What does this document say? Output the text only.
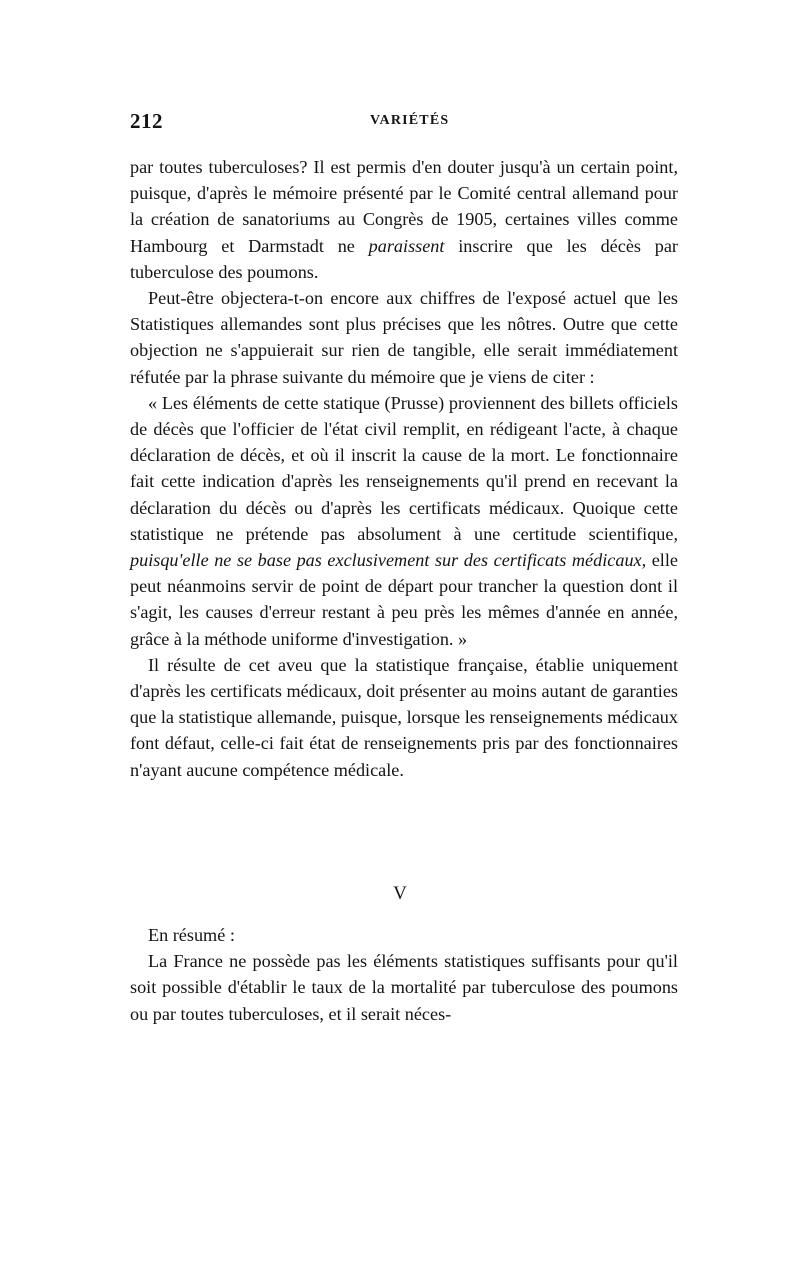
212	VARIÉTÉS

par toutes tuberculoses? Il est permis d'en douter jusqu'à un certain point, puisque, d'après le mémoire présenté par le Comité central allemand pour la création de sanatoriums au Congrès de 1905, certaines villes comme Hambourg et Darmstadt ne paraissent inscrire que les décès par tuberculose des poumons.

Peut-être objectera-t-on encore aux chiffres de l'exposé actuel que les Statistiques allemandes sont plus précises que les nôtres. Outre que cette objection ne s'appuierait sur rien de tangible, elle serait immédiatement réfutée par la phrase suivante du mémoire que je viens de citer :

« Les éléments de cette statique (Prusse) proviennent des billets officiels de décès que l'officier de l'état civil remplit, en rédigeant l'acte, à chaque déclaration de décès, et où il inscrit la cause de la mort. Le fonctionnaire fait cette indication d'après les renseignements qu'il prend en recevant la déclaration du décès ou d'après les certificats médicaux. Quoique cette statistique ne prétende pas absolument à une certitude scientifique, puisqu'elle ne se base pas exclusivement sur des certificats médicaux, elle peut néanmoins servir de point de départ pour trancher la question dont il s'agit, les causes d'erreur restant à peu près les mêmes d'année en année, grâce à la méthode uniforme d'investigation. »

Il résulte de cet aveu que la statistique française, établie uniquement d'après les certificats médicaux, doit présenter au moins autant de garanties que la statistique allemande, puisque, lorsque les renseignements médicaux font défaut, celle-ci fait état de renseignements pris par des fonctionnaires n'ayant aucune compétence médicale.

V

En résumé :

La France ne possède pas les éléments statistiques suffisants pour qu'il soit possible d'établir le taux de la mortalité par tuberculose des poumons ou par toutes tuberculoses, et il serait néces-
